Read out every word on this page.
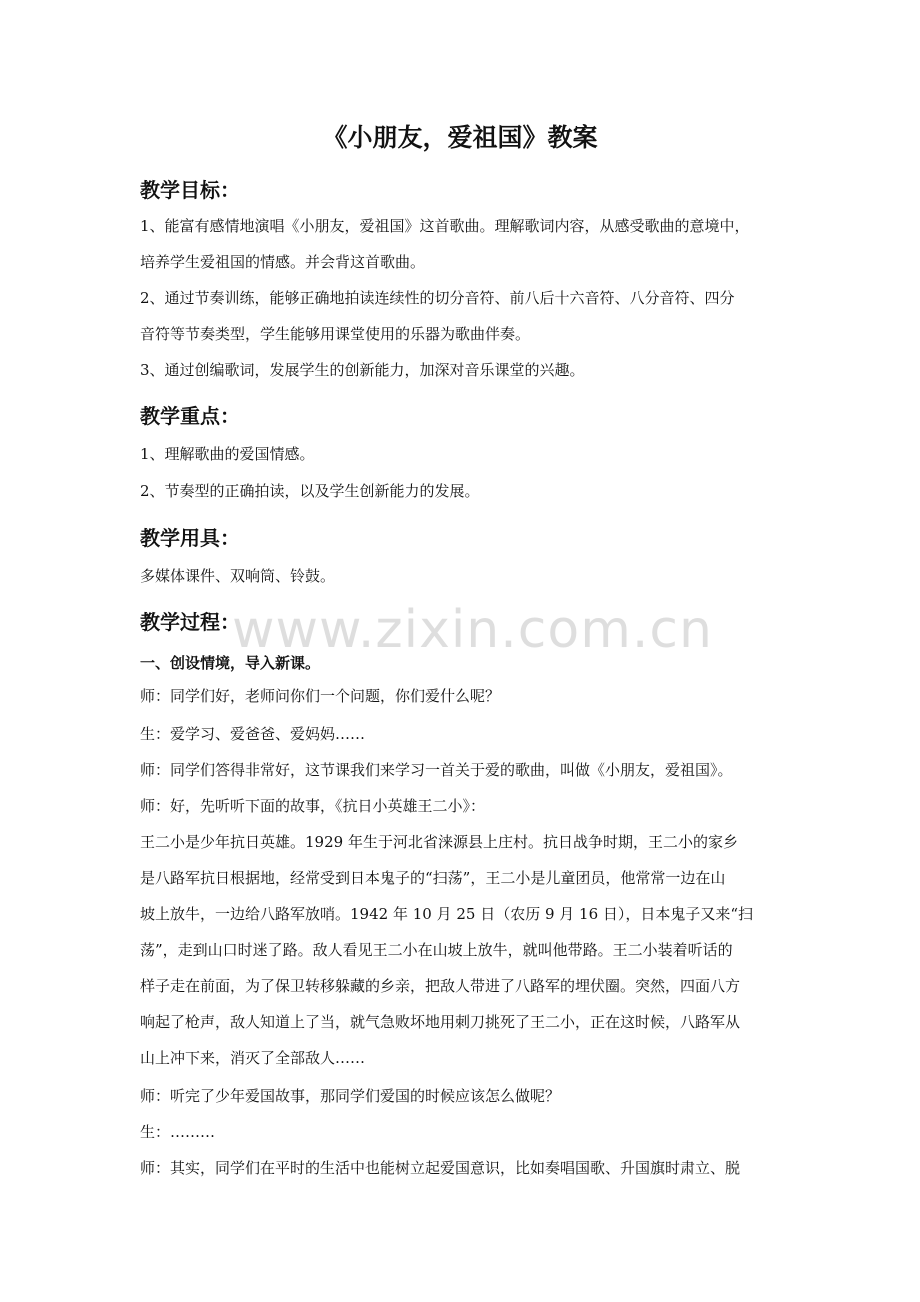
www.zixin.com.cn
《小朋友，爱祖国》教案
教学目标：
1、能富有感情地演唱《小朋友，爱祖国》这首歌曲。理解歌词内容，从感受歌曲的意境中，
培养学生爱祖国的情感。并会背这首歌曲。
2、通过节奏训练，能够正确地拍读连续性的切分音符、前八后十六音符、八分音符、四分
音符等节奏类型，学生能够用课堂使用的乐器为歌曲伴奏。
3、通过创编歌词，发展学生的创新能力，加深对音乐课堂的兴趣。
教学重点：
1、理解歌曲的爱国情感。
2、节奏型的正确拍读，以及学生创新能力的发展。
教学用具：
多媒体课件、双响筒、铃鼓。
教学过程：
一、创设情境，导入新课。
师：同学们好，老师问你们一个问题，你们爱什么呢？
生：爱学习、爱爸爸、爱妈妈……
师：同学们答得非常好，这节课我们来学习一首关于爱的歌曲，叫做《小朋友，爱祖国》。
师：好，先听听下面的故事，《抗日小英雄王二小》：
王二小是少年抗日英雄。1929 年生于河北省涞源县上庄村。抗日战争时期，王二小的家乡
是八路军抗日根据地，经常受到日本鬼子的“扫荡”，王二小是儿童团员，他常常一边在山
坡上放牛，一边给八路军放哨。1942 年 10 月 25 日（农历 9 月 16 日），日本鬼子又来“扫
荡”，走到山口时迷了路。敌人看见王二小在山坡上放牛，就叫他带路。王二小装着听话的
样子走在前面，为了保卫转移躲藏的乡亲，把敌人带进了八路军的埋伏圈。突然，四面八方
响起了枪声，敌人知道上了当，就气急败坏地用刺刀挑死了王二小，正在这时候，八路军从
山上冲下来，消灭了全部敌人……
师：听完了少年爱国故事，那同学们爱国的时候应该怎么做呢？
生：………
师：其实，同学们在平时的生活中也能树立起爱国意识，比如奏唱国歌、升国旗时肃立、脱
